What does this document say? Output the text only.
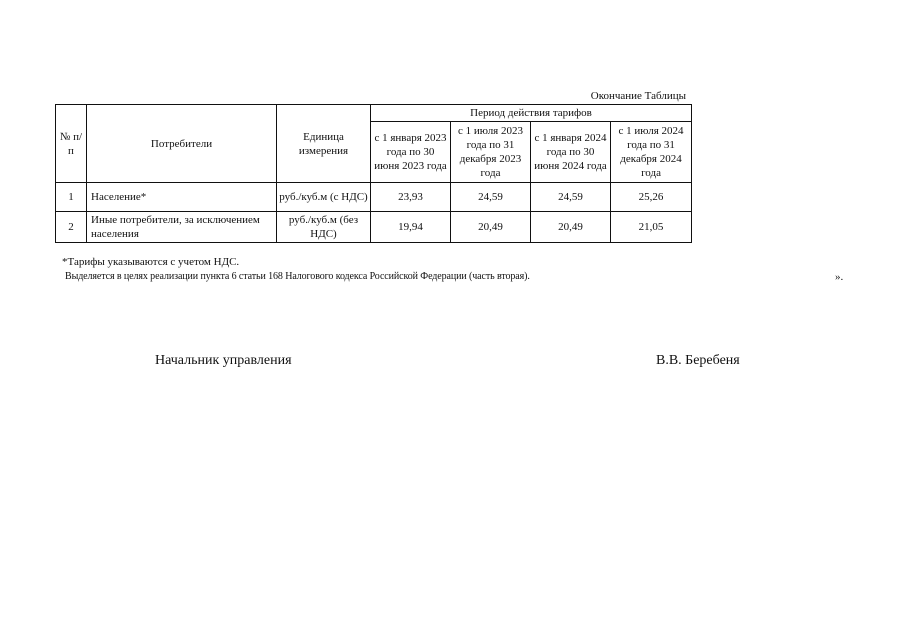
Окончание Таблицы
№ п/п	Потребители	Единица измерения	Период действия тарифов			
			с 1 января 2023 года по 30 июня 2023 года	с 1 июля 2023 года по 31 декабря 2023 года	с 1 января 2024 года по 30 июня 2024 года	с 1 июля 2024 года по 31 декабря 2024 года
1	Население*	руб./куб.м (с НДС)	23,93	24,59	24,59	25,26
2	Иные потребители, за исключением населения	руб./куб.м (без НДС)	19,94	20,49	20,49	21,05
*Тарифы указываются с учетом НДС.
Выделяется в целях реализации пункта 6 статьи 168 Налогового кодекса Российской Федерации (часть вторая).	».
Начальник управления	В.В. Беребеня
